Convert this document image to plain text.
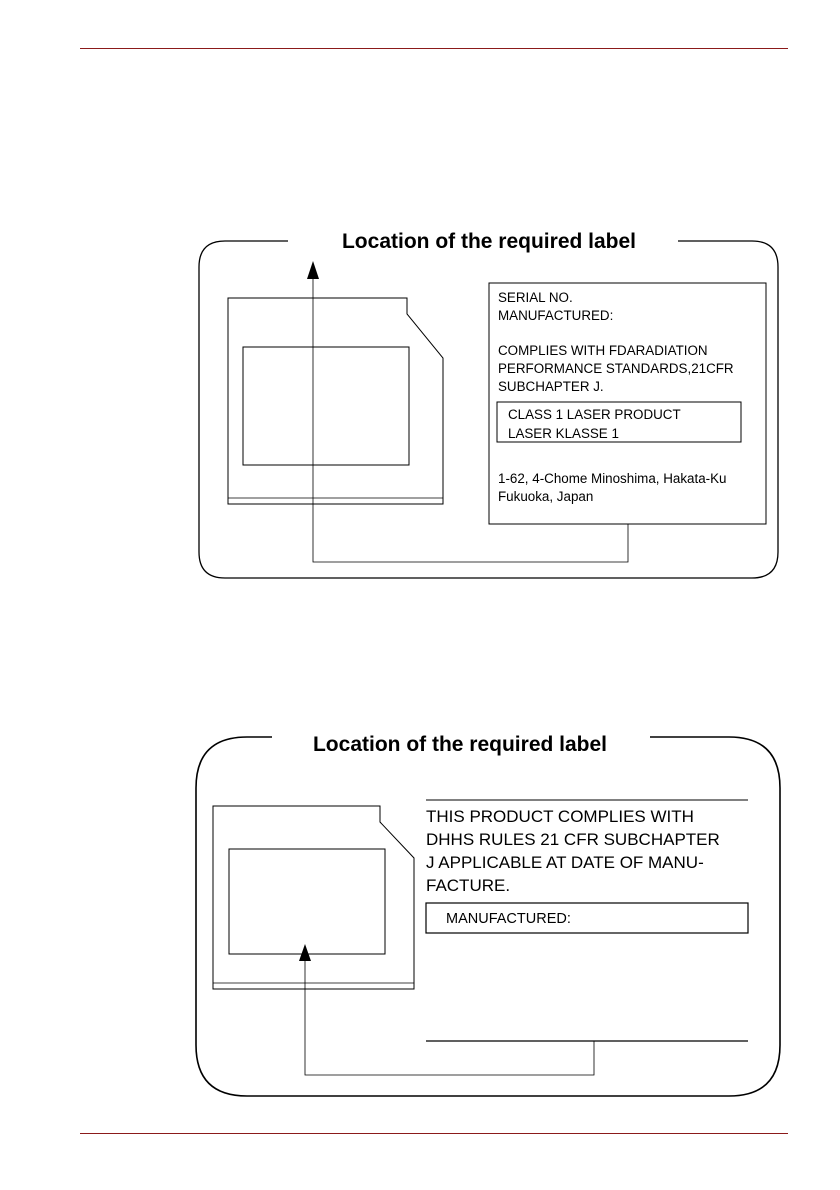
Location of the required label
SERIAL NO.
MANUFACTURED:
COMPLIES WITH FDARADIATION
PERFORMANCE STANDARDS,21CFR
SUBCHAPTER J.
CLASS 1 LASER PRODUCT
LASER KLASSE 1
1-62, 4-Chome Minoshima, Hakata-Ku
Fukuoka, Japan
Location of the required label
THIS PRODUCT COMPLIES WITH
DHHS RULES 21 CFR SUBCHAPTER
J APPLICABLE AT DATE OF MANU-
FACTURE.
MANUFACTURED:
